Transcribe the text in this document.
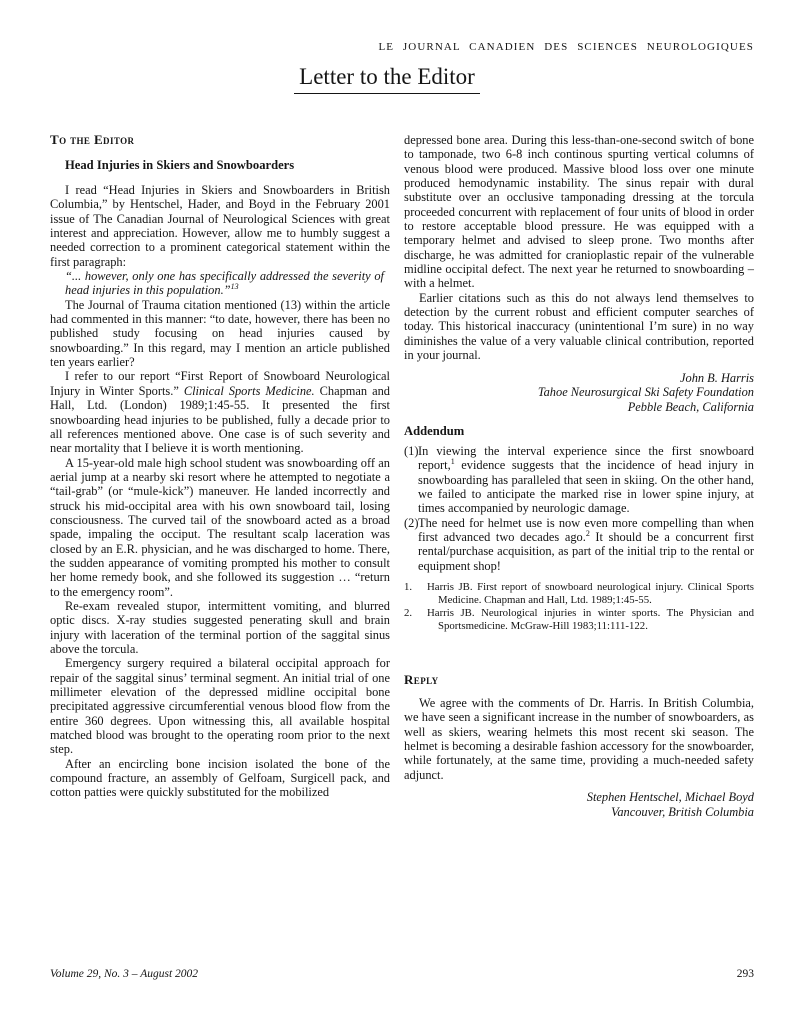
LE JOURNAL CANADIEN DES SCIENCES NEUROLOGIQUES
Letter to the Editor
To the Editor
Head Injuries in Skiers and Snowboarders

I read “Head Injuries in Skiers and Snowboarders in British Columbia,” by Hentschel, Hader, and Boyd in the February 2001 issue of The Canadian Journal of Neurological Sciences with great interest and appreciation. However, allow me to humbly suggest a needed correction to a prominent categorical statement within the first paragraph:

“... however, only one has specifically addressed the severity of head injuries in this population.”$^{13}$

The Journal of Trauma citation mentioned (13) within the article had commented in this manner: “to date, however, there has been no published study focusing on head injuries caused by snowboarding.” In this regard, may I mention an article published ten years earlier?

I refer to our report “First Report of Snowboard Neurological Injury in Winter Sports.” Clinical Sports Medicine. Chapman and Hall, Ltd. (London) 1989;1:45-55. It presented the first snowboarding head injuries to be published, fully a decade prior to all references mentioned above. One case is of such severity and near mortality that I believe it is worth mentioning.

A 15-year-old male high school student was snowboarding off an aerial jump at a nearby ski resort where he attempted to negotiate a “tail-grab” (or “mule-kick”) maneuver. He landed incorrectly and struck his mid-occipital area with his own snowboard tail, losing consciousness. The curved tail of the snowboard acted as a broad spade, impaling the occiput. The resultant scalp laceration was closed by an E.R. physician, and he was discharged to home. There, the sudden appearance of vomiting prompted his mother to consult her home remedy book, and she followed its suggestion … “return to the emergency room”.

Re-exam revealed stupor, intermittent vomiting, and blurred optic discs. X-ray studies suggested penerating skull and brain injury with laceration of the terminal portion of the saggital sinus above the torcula.

Emergency surgery required a bilateral occipital approach for repair of the saggital sinus’ terminal segment. An initial trial of one millimeter elevation of the depressed midline occipital bone precipitated aggressive circumferential venous blood flow from the entire 360 degrees. Upon witnessing this, all available hospital matched blood was brought to the operating room prior to the next step.

After an encircling bone incision isolated the bone of the compound fracture, an assembly of Gelfoam, Surgicell pack, and cotton patties were quickly substituted for the mobilized

depressed bone area. During this less-than-one-second switch of bone to tamponade, two 6-8 inch continous spurting vertical columns of venous blood were produced. Massive blood loss over one minute produced hemodynamic instability. The sinus repair with dural substitute over an occlusive tamponading dressing at the torcula proceeded concurrent with replacement of four units of blood in order to restore acceptable blood pressure. He was equipped with a temporary helmet and advised to sleep prone. Two months after discharge, he was admitted for cranioplastic repair of the vulnerable midline occipital defect. The next year he returned to snowboarding – with a helmet.

Earlier citations such as this do not always lend themselves to detection by the current robust and efficient computer searches of today. This historical inaccuracy (unintentional I’m sure) in no way diminishes the value of a very valuable clinical contribution, reported in your journal.

John B. Harris
Tahoe Neurosurgical Ski Safety Foundation
Pebble Beach, California
Addendum
(1)In viewing the interval experience since the first snowboard report,$^1$ evidence suggests that the incidence of head injury in snowboarding has paralleled that seen in skiing. On the other hand, we failed to anticipate the marked rise in lower spine injury, at times accompanied by neurologic damage.
(2)The need for helmet use is now even more compelling than when first advanced two decades ago.$^2$ It should be a concurrent first rental/purchase acquisition, as part of the initial trip to the rental or equipment shop!
1. Harris JB. First report of snowboard neurological injury. Clinical Sports Medicine. Chapman and Hall, Ltd. 1989;1:45-55.
2. Harris JB. Neurological injuries in winter sports. The Physician and Sportsmedicine. McGraw-Hill 1983;11:111-122.
Reply

We agree with the comments of Dr. Harris. In British Columbia, we have seen a significant increase in the number of snowboarders, as well as skiers, wearing helmets this most recent ski season. The helmet is becoming a desirable fashion accessory for the snowboarder, while fortunately, at the same time, providing a much-needed safety adjunct.

Stephen Hentschel, Michael Boyd
Vancouver, British Columbia
Volume 29, No. 3 – August 2002	293
